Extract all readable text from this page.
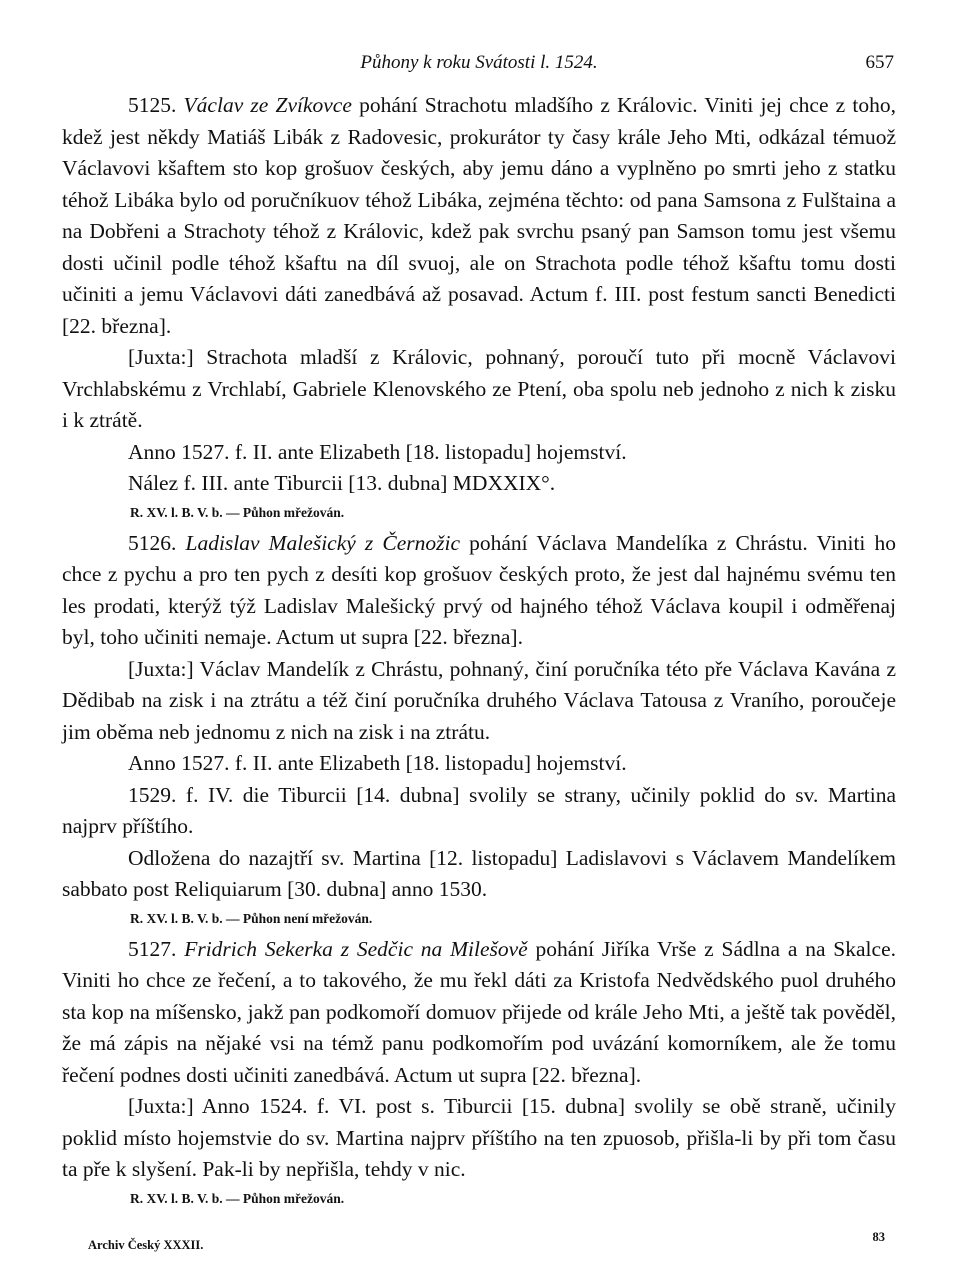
Půhony k roku Svátosti l. 1524.	657

5125. Václav ze Zvíkovce pohání Strachotu mladšího z Královic. Viniti jej chce z toho, kdež jest někdy Matiáš Libák z Radovesic, prokurátor ty časy krále Jeho Mti, odkázal témuož Václavovi kšaftem sto kop grošuov českých, aby jemu dáno a vyplněno po smrti jeho z statku téhož Libáka bylo od poručníkuov téhož Libáka, zejména těchto: od pana Samsona z Fulštaina a na Dobřeni a Strachoty téhož z Královic, kdež pak svrchu psaný pan Samson tomu jest všemu dosti učinil podle téhož kšaftu na díl svuoj, ale on Strachota podle téhož kšaftu tomu dosti učiniti a jemu Václavovi dáti zanedbává až posavad. Actum f. III. post festum sancti Benedicti [22. března].

[Juxta:] Strachota mladší z Královic, pohnaný, poroučí tuto při mocně Václavovi Vrchlabskému z Vrchlabí, Gabriele Klenovského ze Ptení, oba spolu neb jednoho z nich k zisku i k ztrátě.

Anno 1527. f. II. ante Elizabeth [18. listopadu] hojemství.

Nález f. III. ante Tiburcii [13. dubna] MDXXIX°.

R. XV. l. B. V. b. — Půhon mřežován.

5126. Ladislav Malešický z Černožic pohání Václava Mandelíka z Chrástu. Viniti ho chce z pychu a pro ten pych z desíti kop grošuov českých proto, že jest dal hajnému svému ten les prodati, kterýž týž Ladislav Malešický prvý od hajného téhož Václava koupil i odměřenaj byl, toho učiniti nemaje. Actum ut supra [22. března].

[Juxta:] Václav Mandelík z Chrástu, pohnaný, činí poručníka této pře Václava Kavána z Dědibab na zisk i na ztrátu a též činí poručníka druhého Václava Tatousa z Vraního, poroučeje jim oběma neb jednomu z nich na zisk i na ztrátu.

Anno 1527. f. II. ante Elizabeth [18. listopadu] hojemství.

1529. f. IV. die Tiburcii [14. dubna] svolily se strany, učinily poklid do sv. Martina najprv příštího.

Odložena do nazajtří sv. Martina [12. listopadu] Ladislavovi s Václavem Mandelíkem sabbato post Reliquiarum [30. dubna] anno 1530.

R. XV. l. B. V. b. — Půhon není mřežován.

5127. Fridrich Sekerka z Sedčic na Milešově pohání Jiříka Vrše z Sádlna a na Skalce. Viniti ho chce ze řečení, a to takového, že mu řekl dáti za Kristofa Nedvědského puol druhého sta kop na míšensko, jakž pan podkomoří domuov přijede od krále Jeho Mti, a ještě tak pověděl, že má zápis na nějaké vsi na témž panu podkomořím pod uvázání komorníkem, ale že tomu řečení podnes dosti učiniti zanedbává. Actum ut supra [22. března].

[Juxta:] Anno 1524. f. VI. post s. Tiburcii [15. dubna] svolily se obě straně, učinily poklid místo hojemstvie do sv. Martina najprv příštího na ten zpuosob, přišla-li by při tom času ta pře k slyšení. Pak-li by nepřišla, tehdy v nic.

R. XV. l. B. V. b. — Půhon mřežován.
Archiv Český XXXII.
83
